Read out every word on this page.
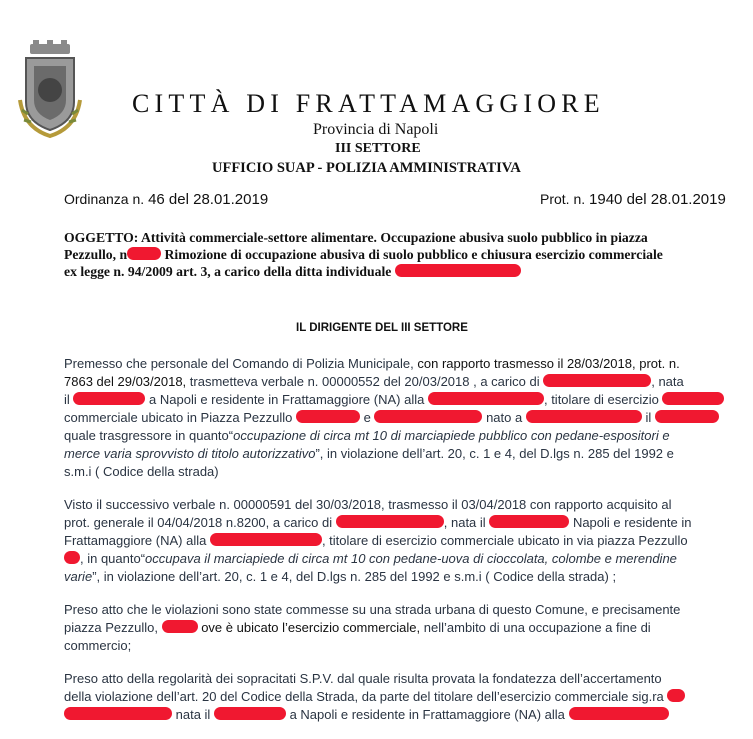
CITTÀ DI FRATTAMAGGIORE
Provincia di Napoli
III SETTORE
UFFICIO SUAP - POLIZIA AMMINISTRATIVA
Ordinanza n. 46 del 28.01.2019	Prot. n. 1940 del 28.01.2019
OGGETTO: Attività commerciale-settore alimentare. Occupazione abusiva suolo pubblico in piazza
Pezzullo, n	Rimozione di occupazione abusiva di suolo pubblico e chiusura esercizio commerciale
ex legge n. 94/2009 art. 3, a carico della ditta individuale
IL DIRIGENTE DEL III SETTORE
Premesso che personale del Comando di Polizia Municipale, con rapporto trasmesso il 28/03/2018, prot. n.
7863 del 29/03/2018, trasmetteva verbale n. 00000552 del 20/03/2018 , a carico di	, nata
il	a Napoli e residente in Frattamaggiore (NA) alla	, titolare di esercizio
commerciale ubicato in Piazza Pezzullo	e	nato a	il
quale trasgressore in quanto“occupazione di circa mt 10 di marciapiede pubblico con pedane-espositori e
merce varia sprovvisto di titolo autorizzativo”, in violazione dell’art. 20, c. 1 e 4, del D.lgs n. 285 del 1992 e
s.m.i ( Codice della strada)
Visto il successivo verbale n. 00000591 del 30/03/2018, trasmesso il 03/04/2018 con rapporto acquisito al
prot. generale il 04/04/2018 n.8200, a carico di	, nata il	Napoli e residente in
Frattamaggiore (NA) alla	, titolare di esercizio commerciale ubicato in via piazza Pezzullo
, in quanto“occupava il marciapiede di circa mt 10 con pedane-uova di cioccolata, colombe e merendine
varie”, in violazione dell’art. 20, c. 1 e 4, del D.lgs n. 285 del 1992 e s.m.i ( Codice della strada) ;
Preso atto che le violazioni sono state commesse su una strada urbana di questo Comune, e precisamente
piazza Pezzullo,	ove è ubicato l’esercizio commerciale, nell’ambito di una occupazione a fine di
commercio;
Preso atto della regolarità dei sopracitati S.P.V. dal quale risulta provata la fondatezza dell’accertamento
della violazione dell’art. 20 del Codice della Strada, da parte del titolare dell’esercizio commerciale sig.ra
nata il	a Napoli e residente in Frattamaggiore (NA) alla
